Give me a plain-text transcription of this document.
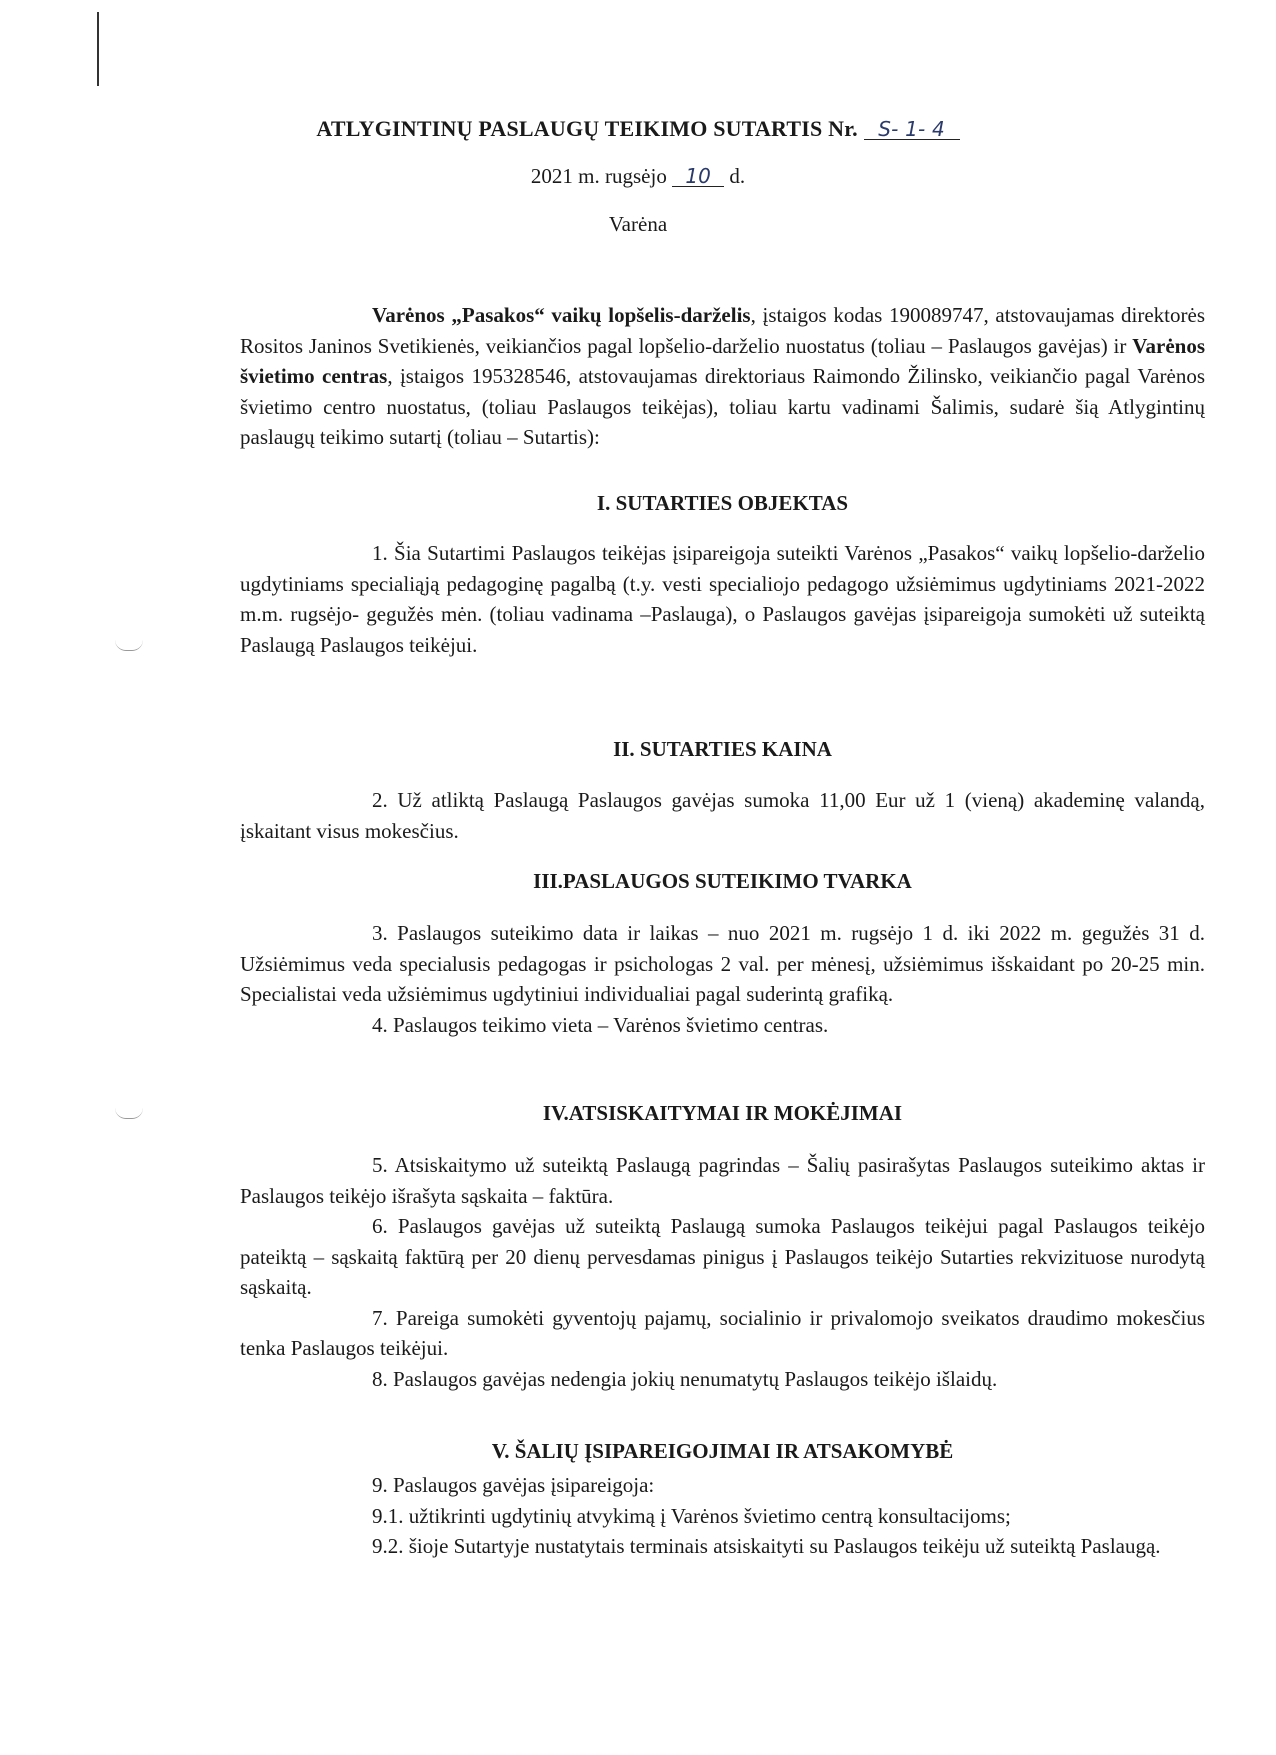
ATLYGINTINŲ PASLAUGŲ TEIKIMO SUTARTIS Nr. S- 1- 4
2021 m. rugsėjo 10 d.
Varėna

Varėnos „Pasakos“ vaikų lopšelis-darželis, įstaigos kodas 190089747, atstovaujamas direktorės Rositos Janinos Svetikienės, veikiančios pagal lopšelio-darželio nuostatus (toliau – Paslaugos gavėjas) ir Varėnos švietimo centras, įstaigos 195328546, atstovaujamas direktoriaus Raimondo Žilinsko, veikiančio pagal Varėnos švietimo centro nuostatus, (toliau Paslaugos teikėjas), toliau kartu vadinami Šalimis, sudarė šią Atlygintinų paslaugų teikimo sutartį (toliau – Sutartis):

I. SUTARTIES OBJEKTAS

1. Šia Sutartimi Paslaugos teikėjas įsipareigoja suteikti Varėnos „Pasakos“ vaikų lopšelio-darželio ugdytiniams specialiąją pedagoginę pagalbą (t.y. vesti specialiojo pedagogo užsiėmimus ugdytiniams 2021-2022 m.m. rugsėjo- gegužės mėn. (toliau vadinama –Paslauga), o Paslaugos gavėjas įsipareigoja sumokėti už suteiktą Paslaugą Paslaugos teikėjui.

II. SUTARTIES KAINA

2. Už atliktą Paslaugą Paslaugos gavėjas sumoka 11,00 Eur už 1 (vieną) akademinę valandą, įskaitant visus mokesčius.

III.PASLAUGOS SUTEIKIMO TVARKA

3. Paslaugos suteikimo data ir laikas – nuo 2021 m. rugsėjo 1 d. iki 2022 m. gegužės 31 d. Užsiėmimus veda specialusis pedagogas ir psichologas 2 val. per mėnesį, užsiėmimus išskaidant po 20-25 min. Specialistai veda užsiėmimus ugdytiniui individualiai pagal suderintą grafiką.

4. Paslaugos teikimo vieta – Varėnos švietimo centras.

IV.ATSISKAITYMAI IR MOKĖJIMAI

5. Atsiskaitymo už suteiktą Paslaugą pagrindas – Šalių pasirašytas Paslaugos suteikimo aktas ir Paslaugos teikėjo išrašyta sąskaita – faktūra.

6. Paslaugos gavėjas už suteiktą Paslaugą sumoka Paslaugos teikėjui pagal Paslaugos teikėjo pateiktą – sąskaitą faktūrą per 20 dienų pervesdamas pinigus į Paslaugos teikėjo Sutarties rekvizituose nurodytą sąskaitą.

7. Pareiga sumokėti gyventojų pajamų, socialinio ir privalomojo sveikatos draudimo mokesčius tenka Paslaugos teikėjui.

8. Paslaugos gavėjas nedengia jokių nenumatytų Paslaugos teikėjo išlaidų.

V. ŠALIŲ ĮSIPAREIGOJIMAI IR ATSAKOMYBĖ

9. Paslaugos gavėjas įsipareigoja:

9.1. užtikrinti ugdytinių atvykimą į Varėnos švietimo centrą konsultacijoms;

9.2. šioje Sutartyje nustatytais terminais atsiskaityti su Paslaugos teikėju už suteiktą Paslaugą.
